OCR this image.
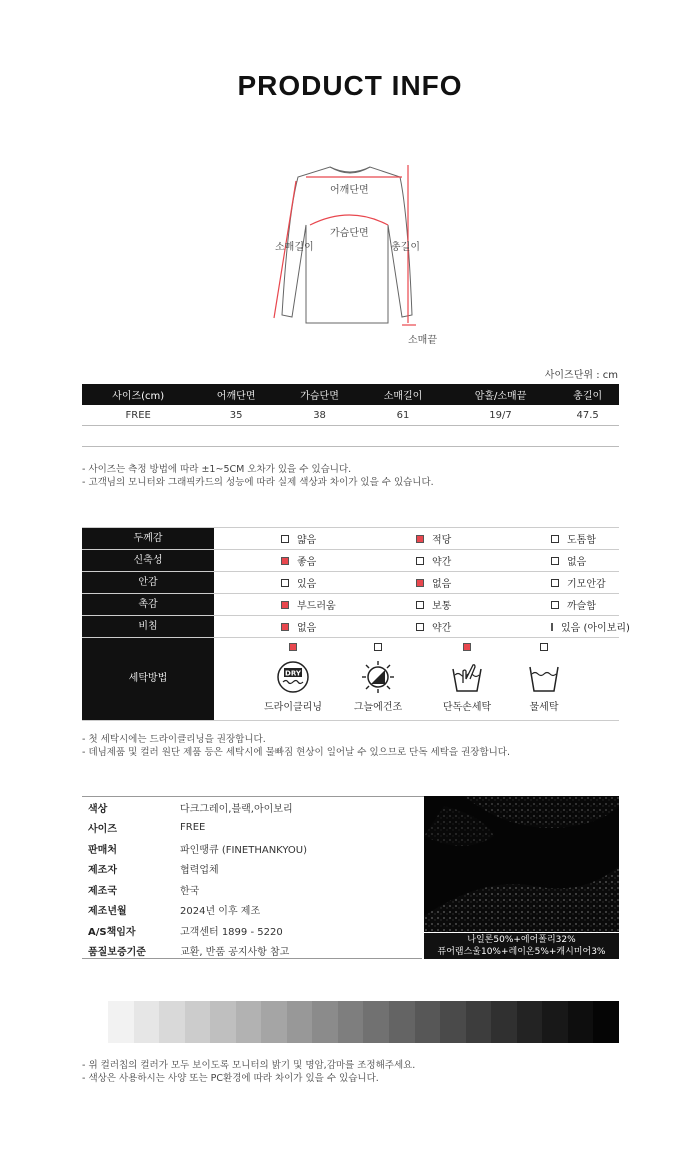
PRODUCT INFO
어깨단면
가슴단면
소매길이	총길이
소매끝
사이즈단위 : cm
사이즈(cm)	어깨단면	가슴단면	소매길이	암홀/소매끝	총길이
FREE	35	38	61	19/7	47.5

- 사이즈는 측정 방법에 따라 ±1~5CM 오차가 있을 수 있습니다.
- 고객님의 모니터와 그래픽카드의 성능에 따라 실제 색상과 차이가 있을 수 있습니다.
두께감	얇음	적당	도톰함
신축성	좋음	약간	없음
안감	있음	없음	기모안감
촉감	부드러움	보통	까슬함
비침	없음	약간	있음 (아이보리)
세탁방법	DRY
드라이클리닝	그늘에건조	단독손세탁	물세탁
- 첫 세탁시에는 드라이클리닝을 권장합니다.
- 데님제품 및 컬러 원단 제품 등은 세탁시에 물빠짐 현상이 일어날 수 있으므로 단독 세탁을 권장합니다.
색상	다크그레이,블랙,아이보리
사이즈	FREE
판매처	파인땡큐 (FINETHANKYOU)
제조자	협력업체
제조국	한국
제조년월	2024년 이후 제조
A/S책임자	고객센터 1899 - 5220
품질보증기준	교환, 반품 공지사항 참고
나일론50%+에어폴리32%
퓨어램스울10%+레이온5%+캐시미어3%
- 위 컬러칩의 컬러가 모두 보이도록 모니터의 밝기 및 명암,감마를 조정해주세요.
- 색상은 사용하시는 사양 또는 PC환경에 따라 차이가 있을 수 있습니다.
